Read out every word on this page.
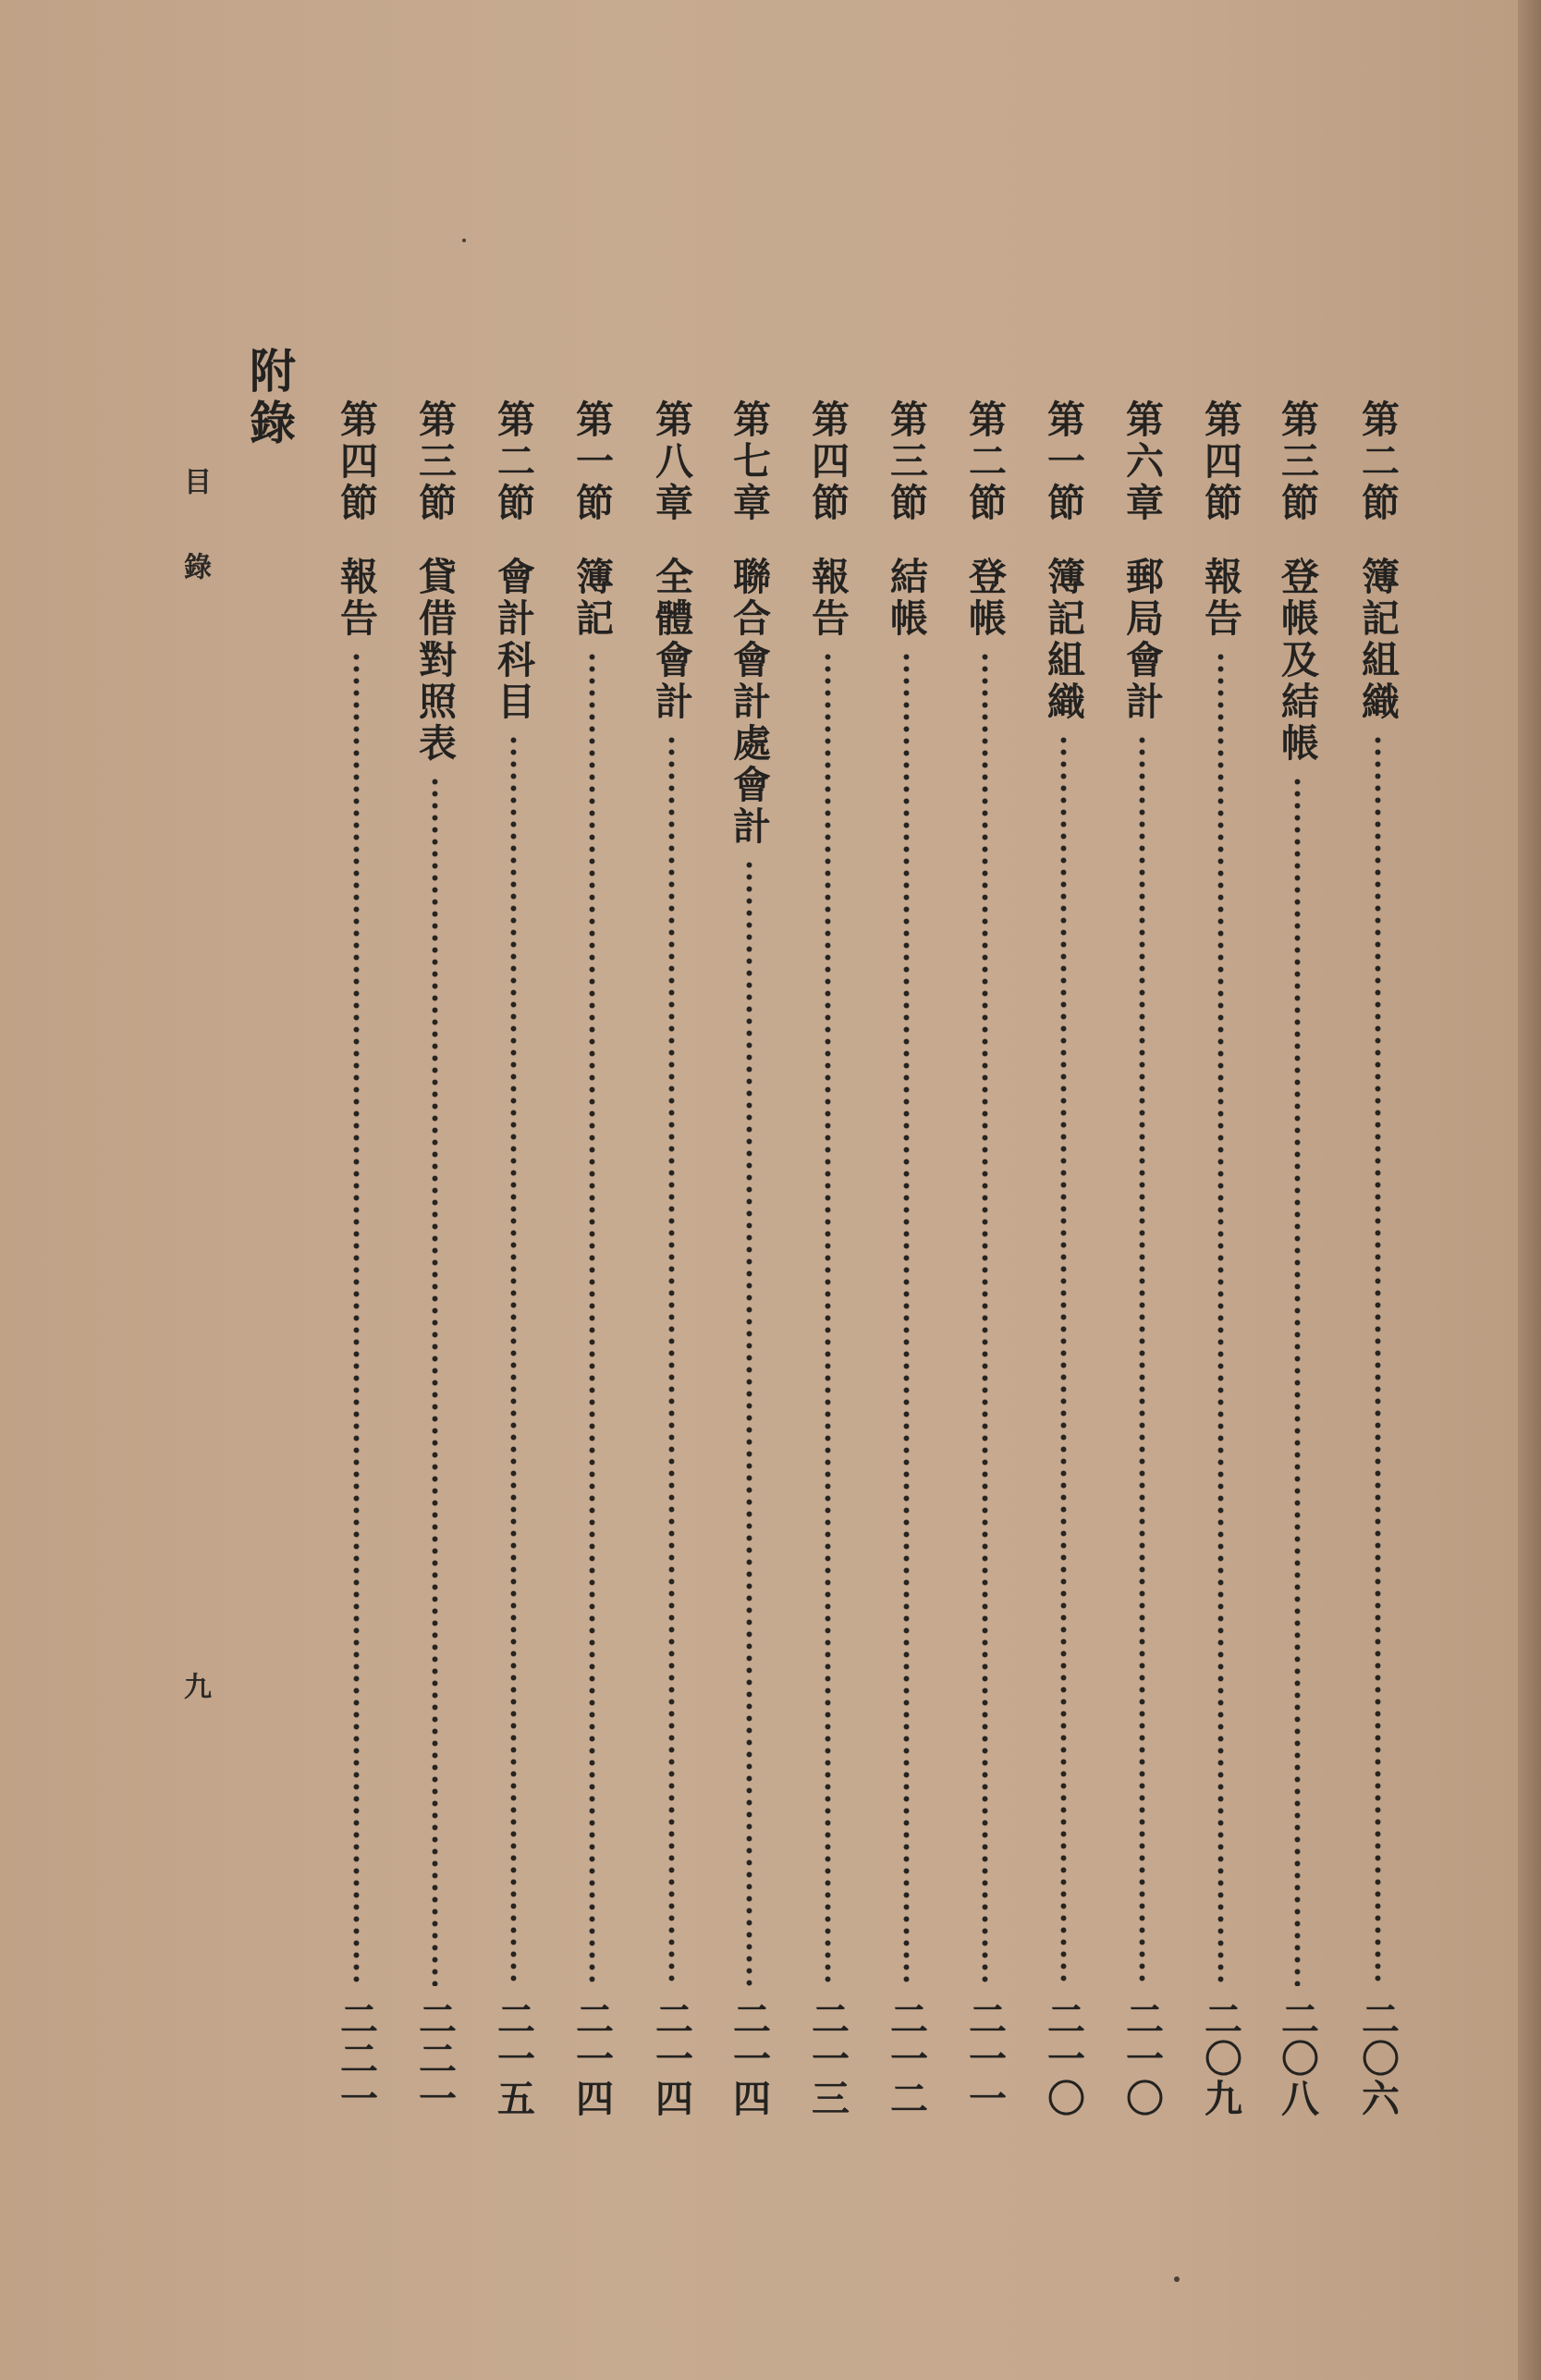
目錄
九
附錄
第二節
簿記組織
二〇六
第三節
登帳及結帳
二〇八
第四節
報告
二〇九
第六章
郵局會計
二一〇
第一節
簿記組織
二一〇
第二節
登帳
二一一
第三節
結帳
二一二
第四節
報告
二一三
第七章
聯合會計處會計
二一四
第八章
全體會計
二一四
第一節
簿記
二一四
第二節
會計科目
二一五
第三節
貸借對照表
二二一
第四節
報告
二二一
